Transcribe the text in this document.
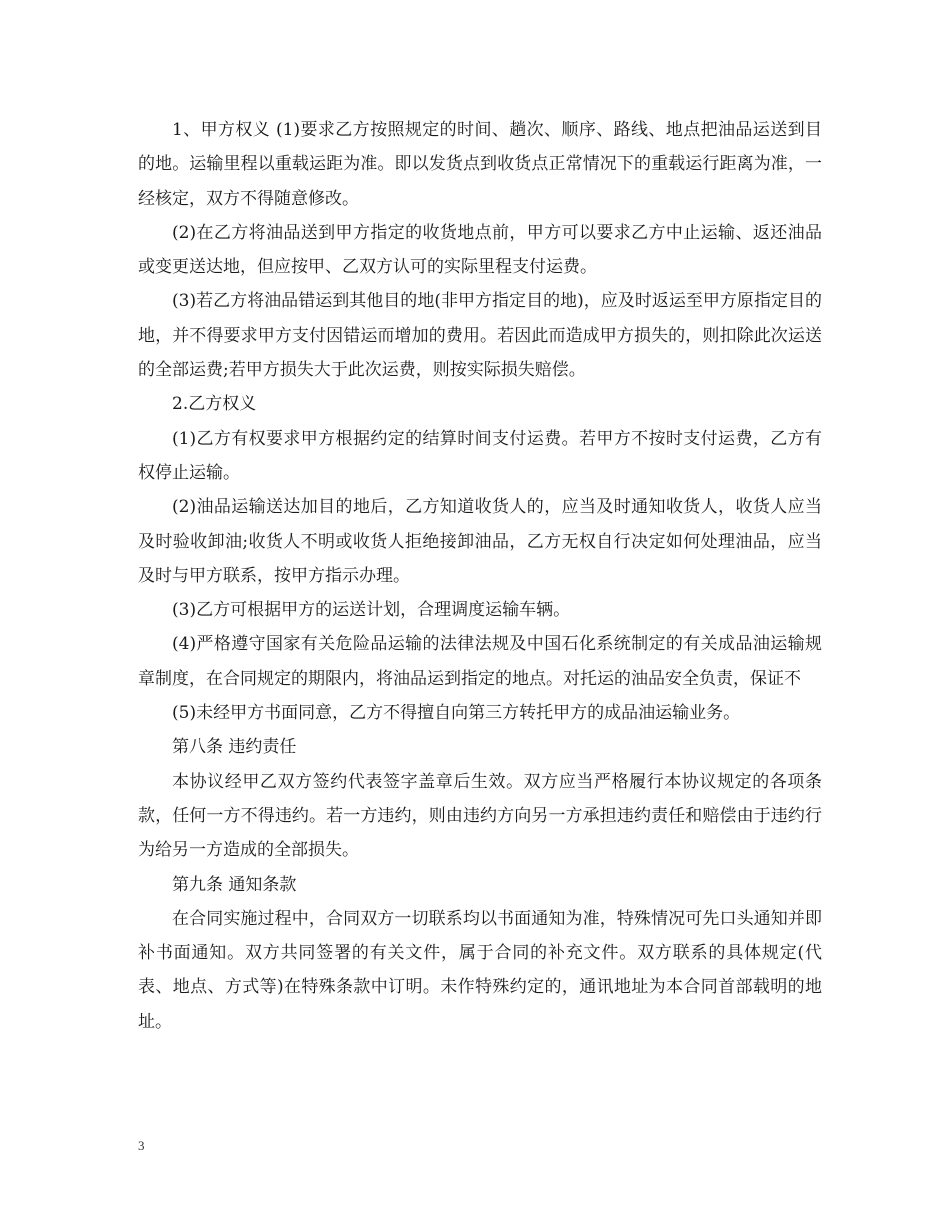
1、甲方权义 (1)要求乙方按照规定的时间、趟次、顺序、路线、地点把油品运送到目的地。运输里程以重载运距为准。即以发货点到收货点正常情况下的重载运行距离为准，一经核定，双方不得随意修改。

(2)在乙方将油品送到甲方指定的收货地点前，甲方可以要求乙方中止运输、返还油品或变更送达地，但应按甲、乙双方认可的实际里程支付运费。

(3)若乙方将油品错运到其他目的地(非甲方指定目的地)，应及时返运至甲方原指定目的地，并不得要求甲方支付因错运而增加的费用。若因此而造成甲方损失的，则扣除此次运送的全部运费;若甲方损失大于此次运费，则按实际损失赔偿。

2.乙方权义

(1)乙方有权要求甲方根据约定的结算时间支付运费。若甲方不按时支付运费，乙方有权停止运输。

(2)油品运输送达加目的地后，乙方知道收货人的，应当及时通知收货人，收货人应当及时验收卸油;收货人不明或收货人拒绝接卸油品，乙方无权自行决定如何处理油品，应当及时与甲方联系，按甲方指示办理。

(3)乙方可根据甲方的运送计划，合理调度运输车辆。

(4)严格遵守国家有关危险品运输的法律法规及中国石化系统制定的有关成品油运输规章制度，在合同规定的期限内，将油品运到指定的地点。对托运的油品安全负责，保证不

(5)未经甲方书面同意，乙方不得擅自向第三方转托甲方的成品油运输业务。

第八条 违约责任

本协议经甲乙双方签约代表签字盖章后生效。双方应当严格履行本协议规定的各项条款，任何一方不得违约。若一方违约，则由违约方向另一方承担违约责任和赔偿由于违约行为给另一方造成的全部损失。

第九条 通知条款

在合同实施过程中，合同双方一切联系均以书面通知为准，特殊情况可先口头通知并即补书面通知。双方共同签署的有关文件，属于合同的补充文件。双方联系的具体规定(代表、地点、方式等)在特殊条款中订明。未作特殊约定的，通讯地址为本合同首部载明的地址。

3
